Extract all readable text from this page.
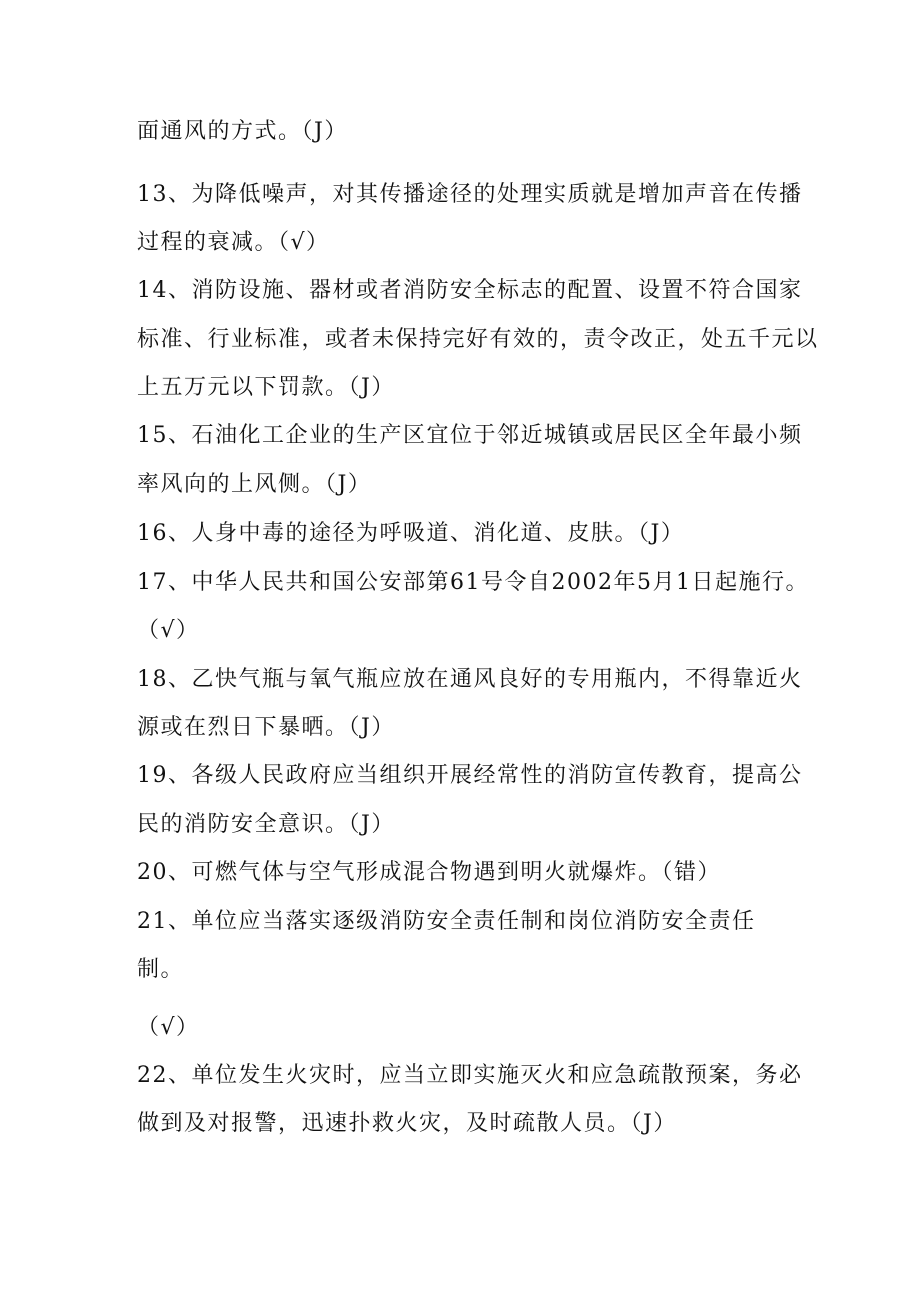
面通风的方式。（J）
13、为降低噪声，对其传播途径的处理实质就是增加声音在传播
过程的衰减。（√）
14、消防设施、器材或者消防安全标志的配置、设置不符合国家
标准、行业标准，或者未保持完好有效的，责令改正，处五千元以
上五万元以下罚款。（J）
15、石油化工企业的生产区宜位于邻近城镇或居民区全年最小频
率风向的上风侧。（J）
16、人身中毒的途径为呼吸道、消化道、皮肤。（J）
17、中华人民共和国公安部第61号令自2002年5月1日起施行。
（√）
18、乙快气瓶与氧气瓶应放在通风良好的专用瓶内，不得靠近火
源或在烈日下暴晒。（J）
19、各级人民政府应当组织开展经常性的消防宣传教育，提高公
民的消防安全意识。（J）
20、可燃气体与空气形成混合物遇到明火就爆炸。（错）
21、单位应当落实逐级消防安全责任制和岗位消防安全责任
制。
（√）
22、单位发生火灾时，应当立即实施灭火和应急疏散预案，务必
做到及对报警，迅速扑救火灾，及时疏散人员。（J）
